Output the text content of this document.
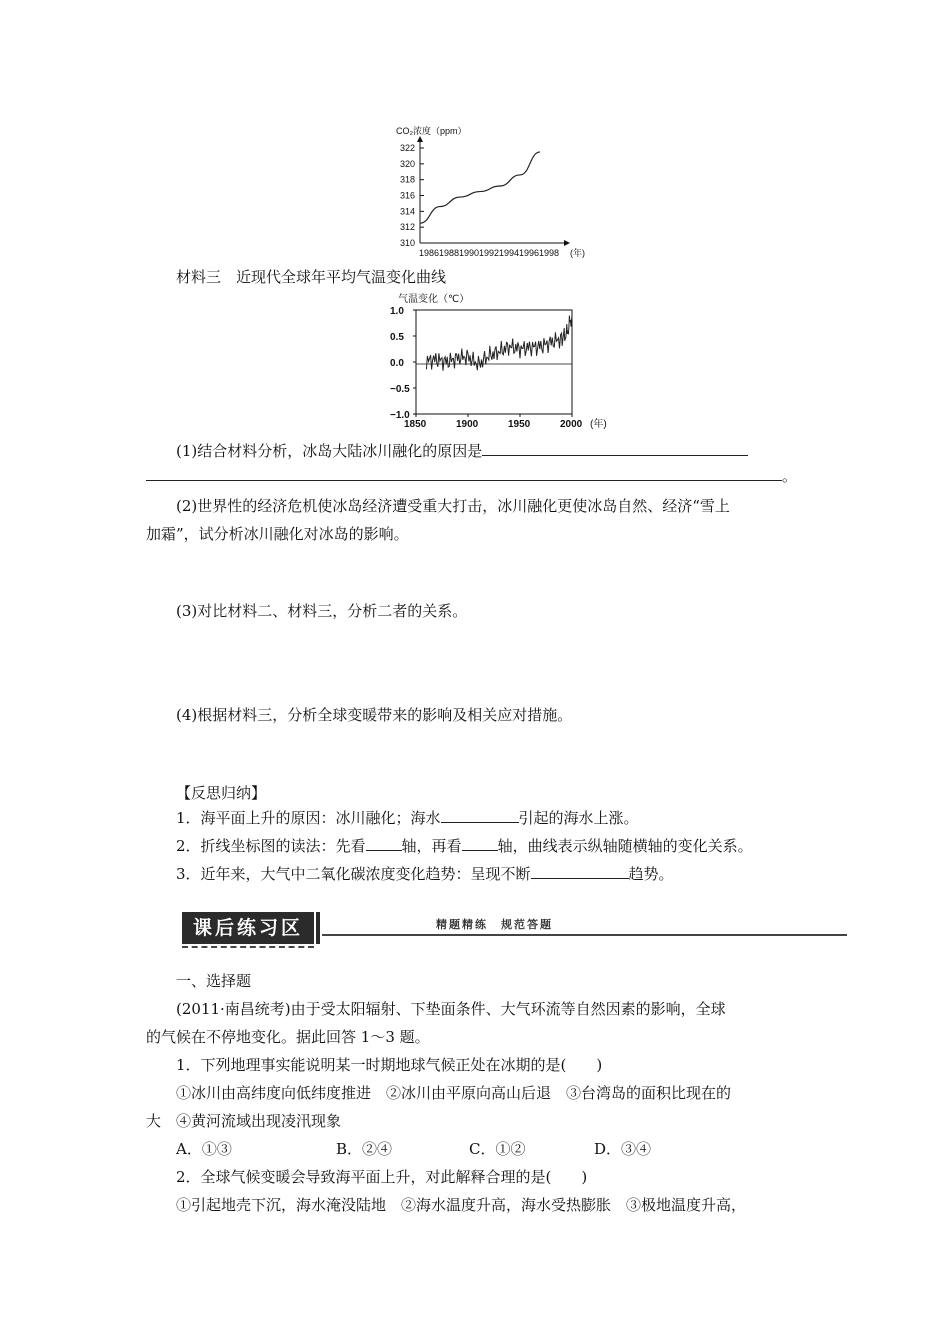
CO₂浓度（ppm）
310
312
314
316
318
320
322
1986 1988 1990 1992 1994 1996 1998 (年)
材料三　近现代全球年平均气温变化曲线
气温变化（℃）
1.0
0.5
0.0
−0.5
−1.0
1850	1900	1950	2000 (年)
(1)结合材料分析，冰岛大陆冰川融化的原因是
。
(2)世界性的经济危机使冰岛经济遭受重大打击，冰川融化更使冰岛自然、经济“雪上
加霜”，试分析冰川融化对冰岛的影响。
(3)对比材料二、材料三，分析二者的关系。
(4)根据材料三，分析全球变暖带来的影响及相关应对措施。
【反思归纳】
1．海平面上升的原因：冰川融化；海水	引起的海水上涨。
2．折线坐标图的读法：先看 轴，再看 轴，曲线表示纵轴随横轴的变化关系。
3．近年来，大气中二氧化碳浓度变化趋势：呈现不断	趋势。
课后练习区	精题精练　规范答题
一、选择题
(2011·南昌统考)由于受太阳辐射、下垫面条件、大气环流等自然因素的影响，全球
的气候在不停地变化。据此回答 1～3 题。
1．下列地理事实能说明某一时期地球气候正处在冰期的是(　　)
①冰川由高纬度向低纬度推进　②冰川由平原向高山后退　③台湾岛的面积比现在的
大　④黄河流域出现凌汛现象
A．①③	B．②④	C．①②	D．③④
2．全球气候变暖会导致海平面上升，对此解释合理的是(　　)
①引起地壳下沉，海水淹没陆地　②海水温度升高，海水受热膨胀　③极地温度升高，
